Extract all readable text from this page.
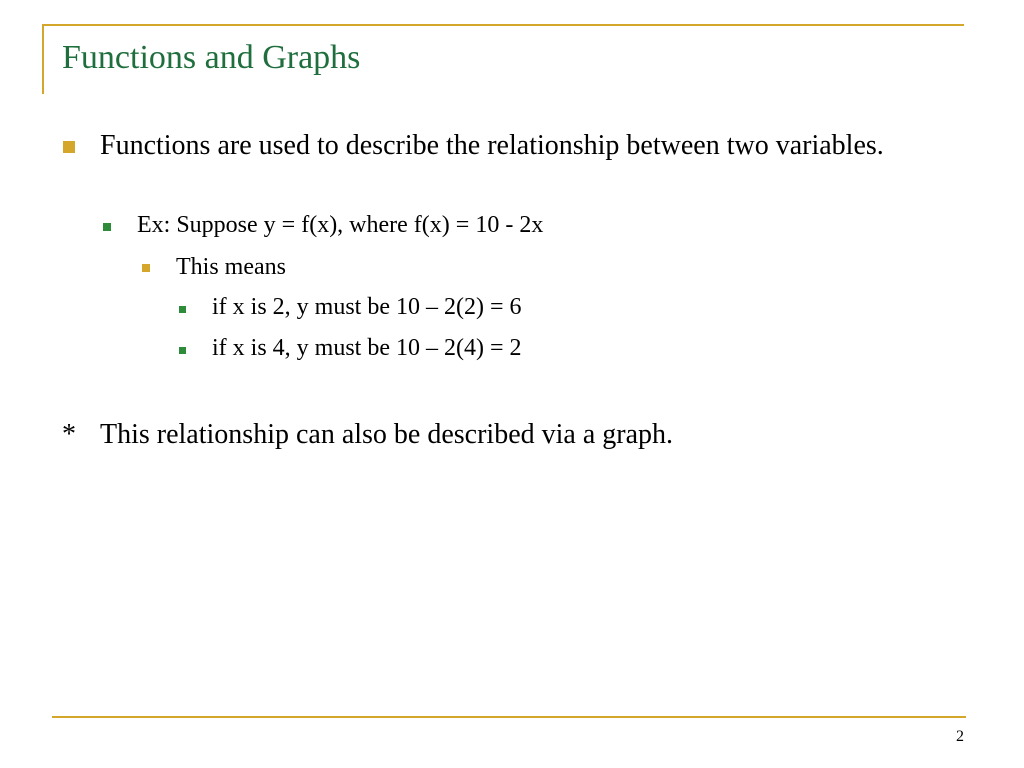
Functions and Graphs
Functions are used to describe the relationship between two variables.
Ex: Suppose y = f(x), where f(x) = 10 - 2x
This means
if x is 2, y must be 10 – 2(2) = 6
if x is 4, y must be 10 – 2(4) = 2
* This relationship can also be described via a graph.
2
